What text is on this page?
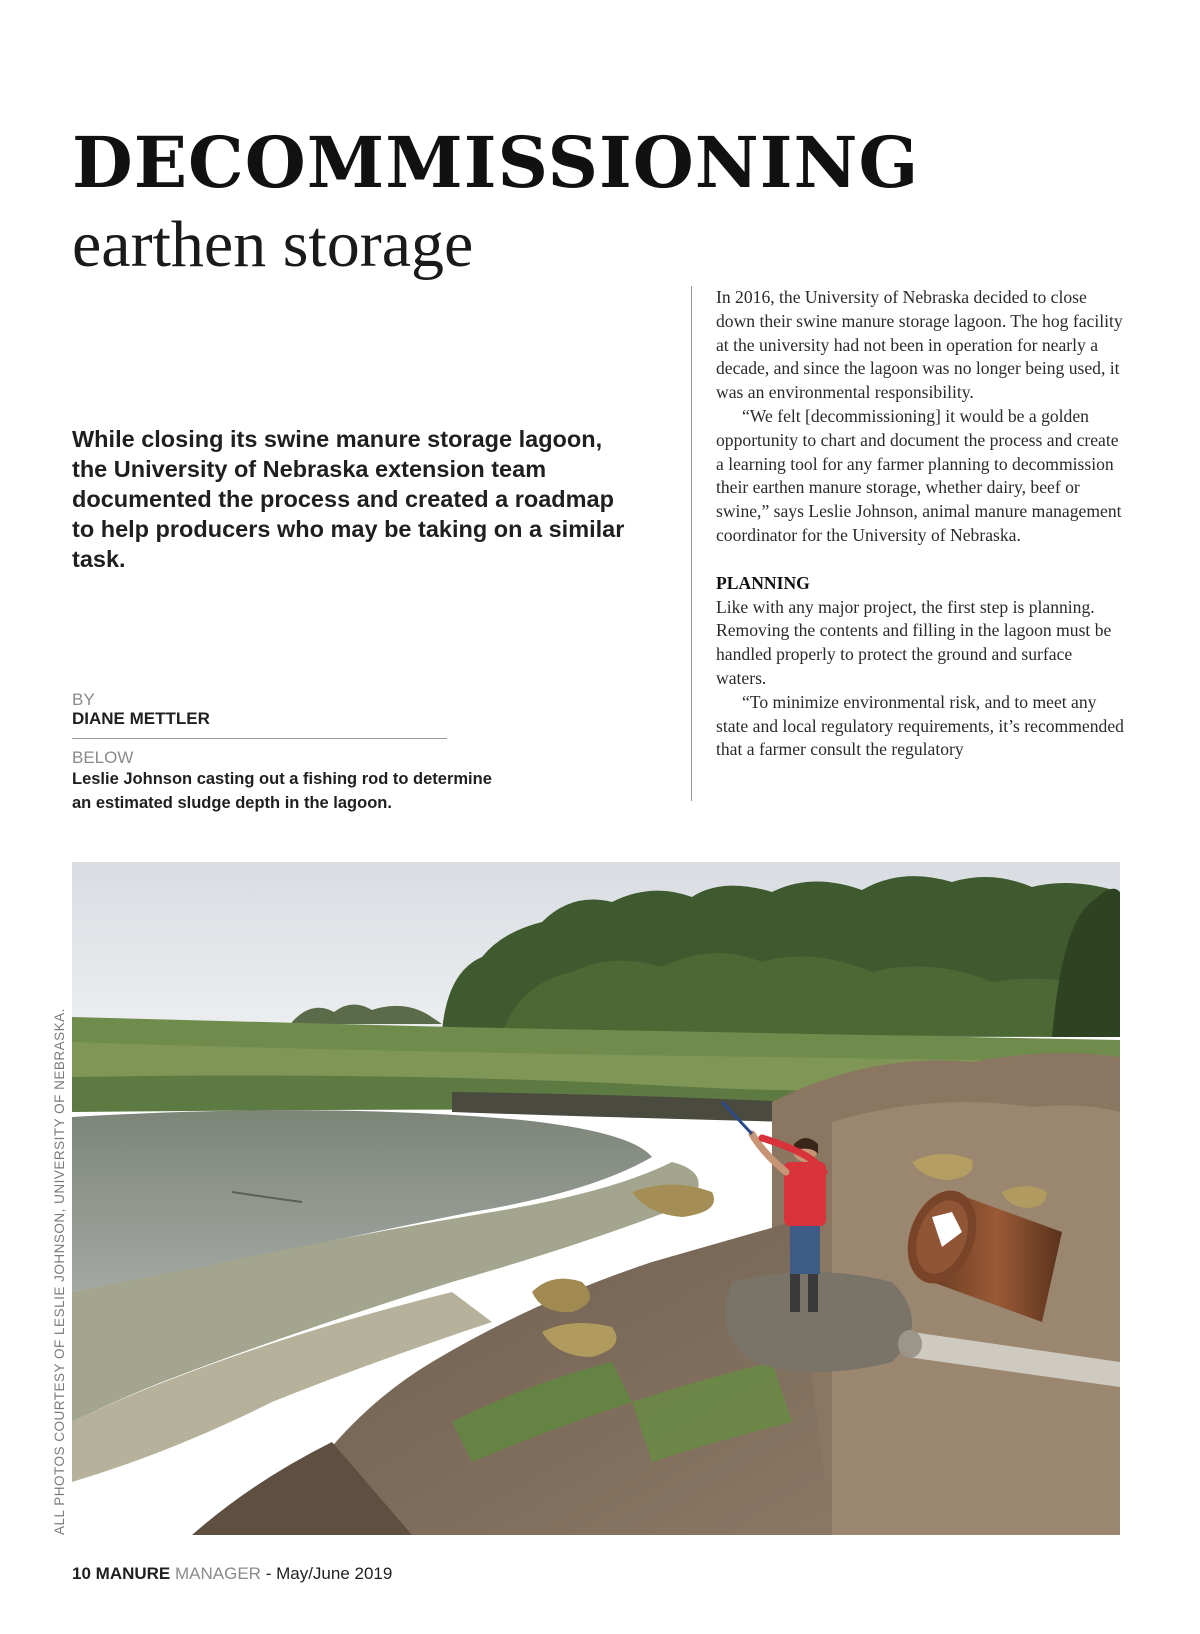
DECOMMISSIONING
earthen storage
While closing its swine manure storage lagoon, the University of Nebraska extension team documented the process and created a roadmap to help producers who may be taking on a similar task.
BY
DIANE METTLER
BELOW
Leslie Johnson casting out a fishing rod to determine an estimated sludge depth in the lagoon.

In 2016, the University of Nebraska decided to close down their swine manure storage lagoon. The hog facility at the university had not been in operation for nearly a decade, and since the lagoon was no longer being used, it was an environmental responsibility.

“We felt [decommissioning] it would be a golden opportunity to chart and document the process and create a learning tool for any farmer planning to decommission their earthen manure storage, whether dairy, beef or swine,” says Leslie Johnson, animal manure management coordinator for the University of Nebraska.

PLANNING

Like with any major project, the first step is planning. Removing the contents and filling in the lagoon must be handled properly to protect the ground and surface waters.

“To minimize environmental risk, and to meet any state and local regulatory requirements, it’s recommended that a farmer consult the regulatory

ALL PHOTOS COURTESY OF LESLIE JOHNSON, UNIVERSITY OF NEBRASKA.
10 MANURE MANAGER - May/June 2019
